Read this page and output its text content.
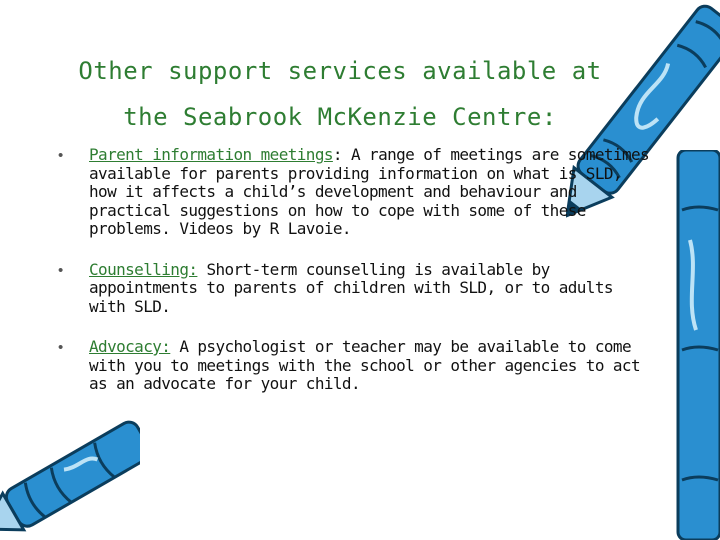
Other support services available at
the Seabrook McKenzie Centre:
• Parent information meetings: A range of meetings are sometimes available for parents providing information on what is SLD, how it affects a child’s development and behaviour and practical suggestions on how to cope with some of these problems. Videos by R Lavoie.
• Counselling: Short-term counselling is available by appointments to parents of children with SLD, or to adults with SLD.
• Advocacy: A psychologist or teacher may be available to come with you to meetings with the school or other agencies to act as an advocate for your child.
